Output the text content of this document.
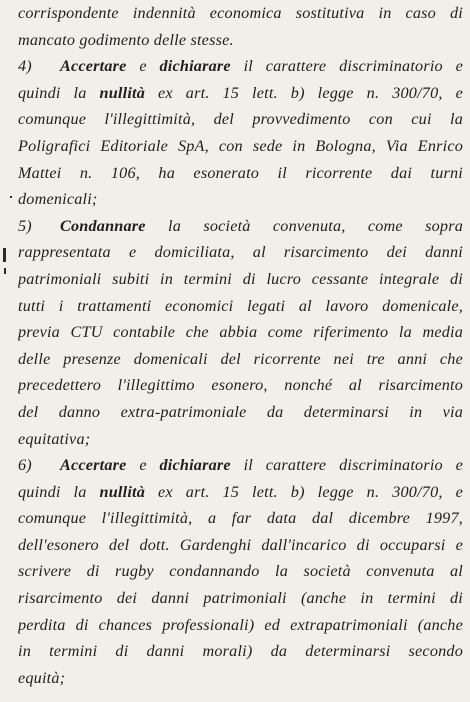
corrispondente indennità economica sostitutiva in caso di
mancato godimento delle stesse.
4) Accertare e dichiarare il carattere discriminatorio e
quindi la nullità ex art. 15 lett. b) legge n. 300/70, e
comunque l'illegittimità, del provvedimento con cui la
Poligrafici Editoriale SpA, con sede in Bologna, Via Enrico
Mattei n. 106, ha esonerato il ricorrente dai turni
domenicali;
5) Condannare la società convenuta, come sopra
rappresentata e domiciliata, al risarcimento dei danni
patrimoniali subiti in termini di lucro cessante integrale di
tutti i trattamenti economici legati al lavoro domenicale,
previa CTU contabile che abbia come riferimento la media
delle presenze domenicali del ricorrente nei tre anni che
precedettero l'illegittimo esonero, nonché al risarcimento
del danno extra-patrimoniale da determinarsi in via
equitativa;
6) Accertare e dichiarare il carattere discriminatorio e
quindi la nullità ex art. 15 lett. b) legge n. 300/70, e
comunque l'illegittimità, a far data dal dicembre 1997,
dell'esonero del dott. Gardenghi dall'incarico di occuparsi e
scrivere di rugby condannando la società convenuta al
risarcimento dei danni patrimoniali (anche in termini di
perdita di chances professionali) ed extrapatrimoniali (anche
in termini di danni morali) da determinarsi secondo
equità;
